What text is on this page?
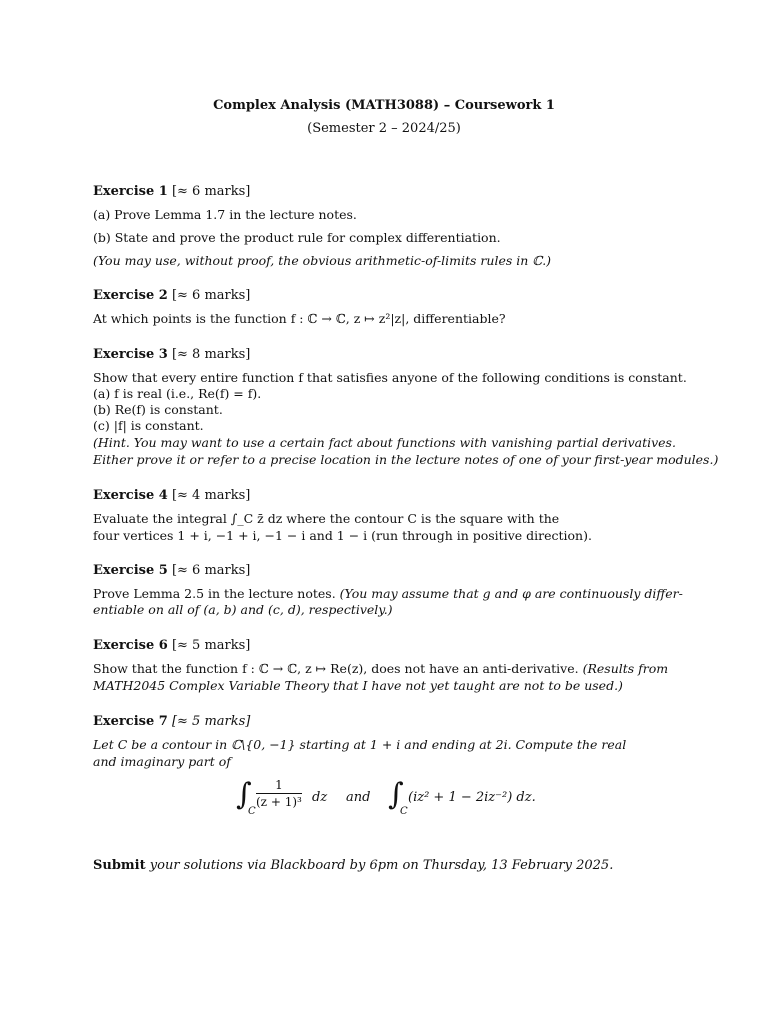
Complex Analysis (MATH3088) – Coursework 1
(Semester 2 – 2024/25)
Exercise 1 [≈ 6 marks]
(a) Prove Lemma 1.7 in the lecture notes.
(b) State and prove the product rule for complex differentiation.
(You may use, without proof, the obvious arithmetic-of-limits rules in ℂ.)
Exercise 2 [≈ 6 marks]
At which points is the function f : ℂ → ℂ, z ↦ z²|z|, differentiable?
Exercise 3 [≈ 8 marks]
Show that every entire function f that satisfies anyone of the following conditions is constant.
(a) f is real (i.e., Re(f) = f).
(b) Re(f) is constant.
(c) |f| is constant.
(Hint. You may want to use a certain fact about functions with vanishing partial derivatives.
Either prove it or refer to a precise location in the lecture notes of one of your first-year modules.)
Exercise 4 [≈ 4 marks]
Evaluate the integral ∫_C z̄ dz where the contour C is the square with the
four vertices 1 + i, −1 + i, −1 − i and 1 − i (run through in positive direction).
Exercise 5 [≈ 6 marks]
Prove Lemma 2.5 in the lecture notes. (You may assume that g and φ are continuously differ-
entiable on all of (a, b) and (c, d), respectively.)
Exercise 6 [≈ 5 marks]
Show that the function f : ℂ → ℂ, z ↦ Re(z), does not have an anti-derivative. (Results from
MATH2045 Complex Variable Theory that I have not yet taught are not to be used.)
Exercise 7 [≈ 5 marks]
Let C be a contour in ℂ\{0, −1} starting at 1 + i and ending at 2i. Compute the real
and imaginary part of
∫
C
$\frac{1}{\text{(z + 1)³}}$ dz and ∫
C
(iz² + 1 − 2iz⁻²) dz.
Submit your solutions via Blackboard by 6pm on Thursday, 13 February 2025.
